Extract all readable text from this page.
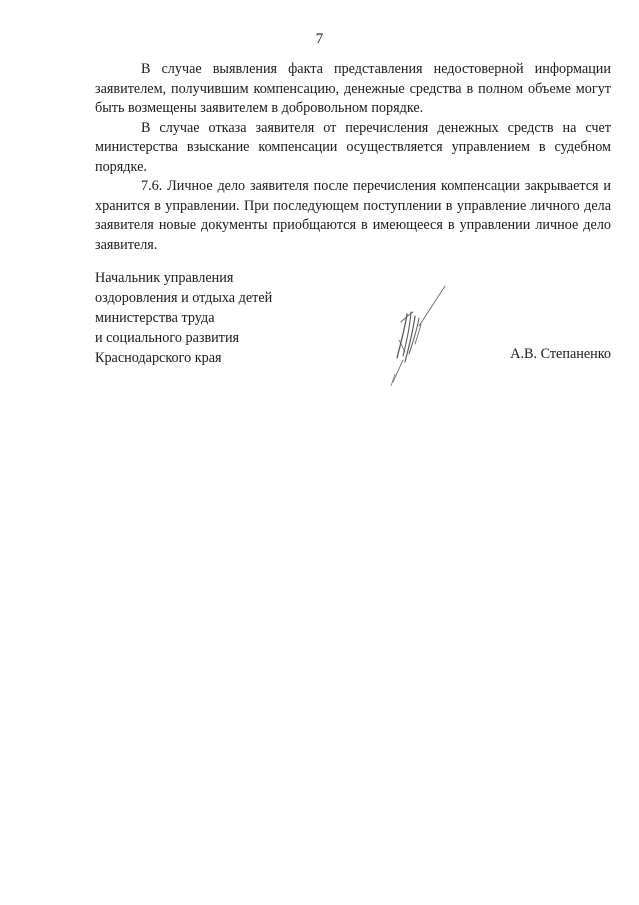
7

В случае выявления факта представления недостоверной информации заявителем, получившим компенсацию, денежные средства в полном объеме могут быть возмещены заявителем в добровольном порядке.

В случае отказа заявителя от перечисления денежных средств на счет министерства взыскание компенсации осуществляется управлением в судебном порядке.

7.6. Личное дело заявителя после перечисления компенсации закрывается и хранится в управлении. При последующем поступлении в управление личного дела заявителя новые документы приобщаются в имеющееся в управлении личное дело заявителя.

Начальник управления
оздоровления и отдыха детей
министерства труда
и социального развития
Краснодарского края	А.В. Степаненко
